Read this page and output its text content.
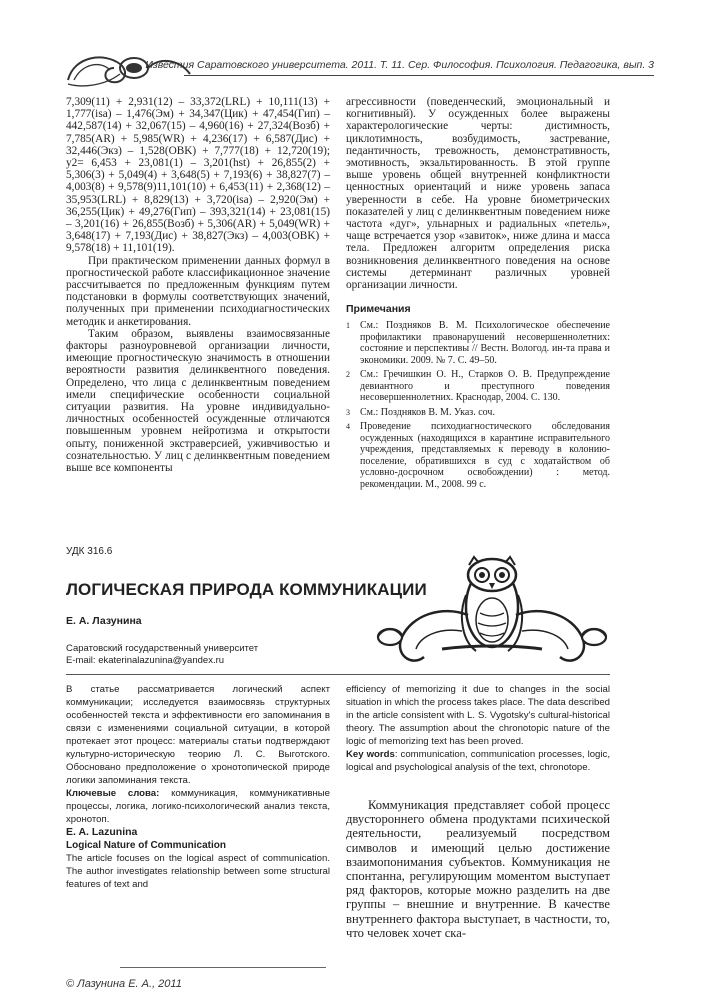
Известия Саратовского университета. 2011. Т. 11. Сер. Философия. Психология. Педагогика, вып. 3

7,309(11) + 2,931(12) – 33,372(LRL) + 10,111(13) + 1,777(isa) – 1,476(Эм) + 34,347(Цик) + 47,454(Гип) – 442,587(14) + 32,067(15) – 4,960(16) + 27,324(Возб) + 7,785(AR) + 5,985(WR) + 4,236(17) + 6,587(Дис) + 32,446(Экз) – 1,528(OBK) + 7,777(18) + 12,720(19); y2= 6,453 + 23,081(1) – 3,201(hst) + 26,855(2) + 5,306(3) + 5,049(4) + 3,648(5) + 7,193(6) + 38,827(7) – 4,003(8) + 9,578(9)11,101(10) + 6,453(11) + 2,368(12) – 35,953(LRL) + 8,829(13) + 3,720(isa) – 2,920(Эм) + 36,255(Цик) + 49,276(Гип) – 393,321(14) + 23,081(15) – 3,201(16) + 26,855(Возб) + 5,306(AR) + 5,049(WR) + 3,648(17) + 7,193(Дис) + 38,827(Экз) – 4,003(OBK) + 9,578(18) + 11,101(19).

При практическом применении данных формул в прогностической работе классификационное значение рассчитывается по предложенным функциям путем подстановки в формулы соответствующих значений, полученных при применении психодиагностических методик и анкетирования.

Таким образом, выявлены взаимосвязанные факторы разноуровневой организации личности, имеющие прогностическую значимость в отношении вероятности развития делинквентного поведения. Определено, что лица с делинквентным поведением имели специфические особенности социальной ситуации развития. На уровне индивидуально-личностных особенностей осужденные отличаются повышенным уровнем нейротизма и открытости опыту, пониженной экстраверсией, уживчивостью и сознательностью. У лиц с делинквентным поведением выше все компоненты

агрессивности (поведенческий, эмоциональный и когнитивный). У осужденных более выражены характерологические черты: дистимность, циклотимность, возбудимость, застревание, педантичность, тревожность, демонстративность, эмотивность, экзальтированность. В этой группе выше уровень общей внутренней конфликтности ценностных ориентаций и ниже уровень запаса уверенности в себе. На уровне биометрических показателей у лиц с делинквентным поведением ниже частота «дуг», ульнарных и радиальных «петель», чаще встречается узор «завиток», ниже длина и масса тела. Предложен алгоритм определения риска возникновения делинквентного поведения на основе системы детерминант различных уровней организации личности.

Примечания
1 См.: Поздняков В. М. Психологическое обеспечение профилактики правонарушений несовершеннолетних: состояние и перспективы // Вестн. Вологод. ин-та права и экономики. 2009. № 7. С. 49–50.
2 См.: Гречишкин О. Н., Старков О. В. Предупреждение девиантного и преступного поведения несовершеннолетних. Краснодар, 2004. С. 130.
3 См.: Поздняков В. М. Указ. соч.
4 Проведение психодиагностического обследования осужденных (находящихся в карантине исправительного учреждения, представляемых к переводу в колонию-поселение, обратившихся в суд с ходатайством об условно-досрочном освобождении) : метод. рекомендации. М., 2008. 99 с.
УДК 316.6
ЛОГИЧЕСКАЯ ПРИРОДА КОММУНИКАЦИИ
Е. А. Лазунина
Саратовский государственный университет
E-mail: ekaterinalazunina@yandex.ru

В статье рассматривается логический аспект коммуникации; исследуется взаимосвязь структурных особенностей текста и эффективности его запоминания в связи с изменениями социальной ситуации, в которой протекает этот процесс: материалы статьи подтверждают культурно-историческую теорию Л. С. Выготского. Обосновано предположение о хронотопической природе логики запоминания текста.

Ключевые слова: коммуникация, коммуникативные процессы, логика, логико-психологический анализ текста, хронотоп.

E. A. Lazunina

Logical Nature of Communication

The article focuses on the logical aspect of communication. The author investigates relationship between some structural features of text and

efficiency of memorizing it due to changes in the social situation in which the process takes place. The data described in the article consistent with L. S. Vygotsky's cultural-historical theory. The assumption about the chronotopic nature of the logic of memorizing text has been proved.

Key words: communication, communication processes, logic, logical and psychological analysis of the text, chronotope.

Коммуникация представляет собой процесс двустороннего обмена продуктами психической деятельности, реализуемый посредством символов и имеющий целью достижение взаимопонимания субъектов. Коммуникация не спонтанна, регулирующим моментом выступает ряд факторов, которые можно разделить на две группы – внешние и внутренние. В качестве внутреннего фактора выступает, в частности, то, что человек хочет ска-

© Лазунина Е. А., 2011
